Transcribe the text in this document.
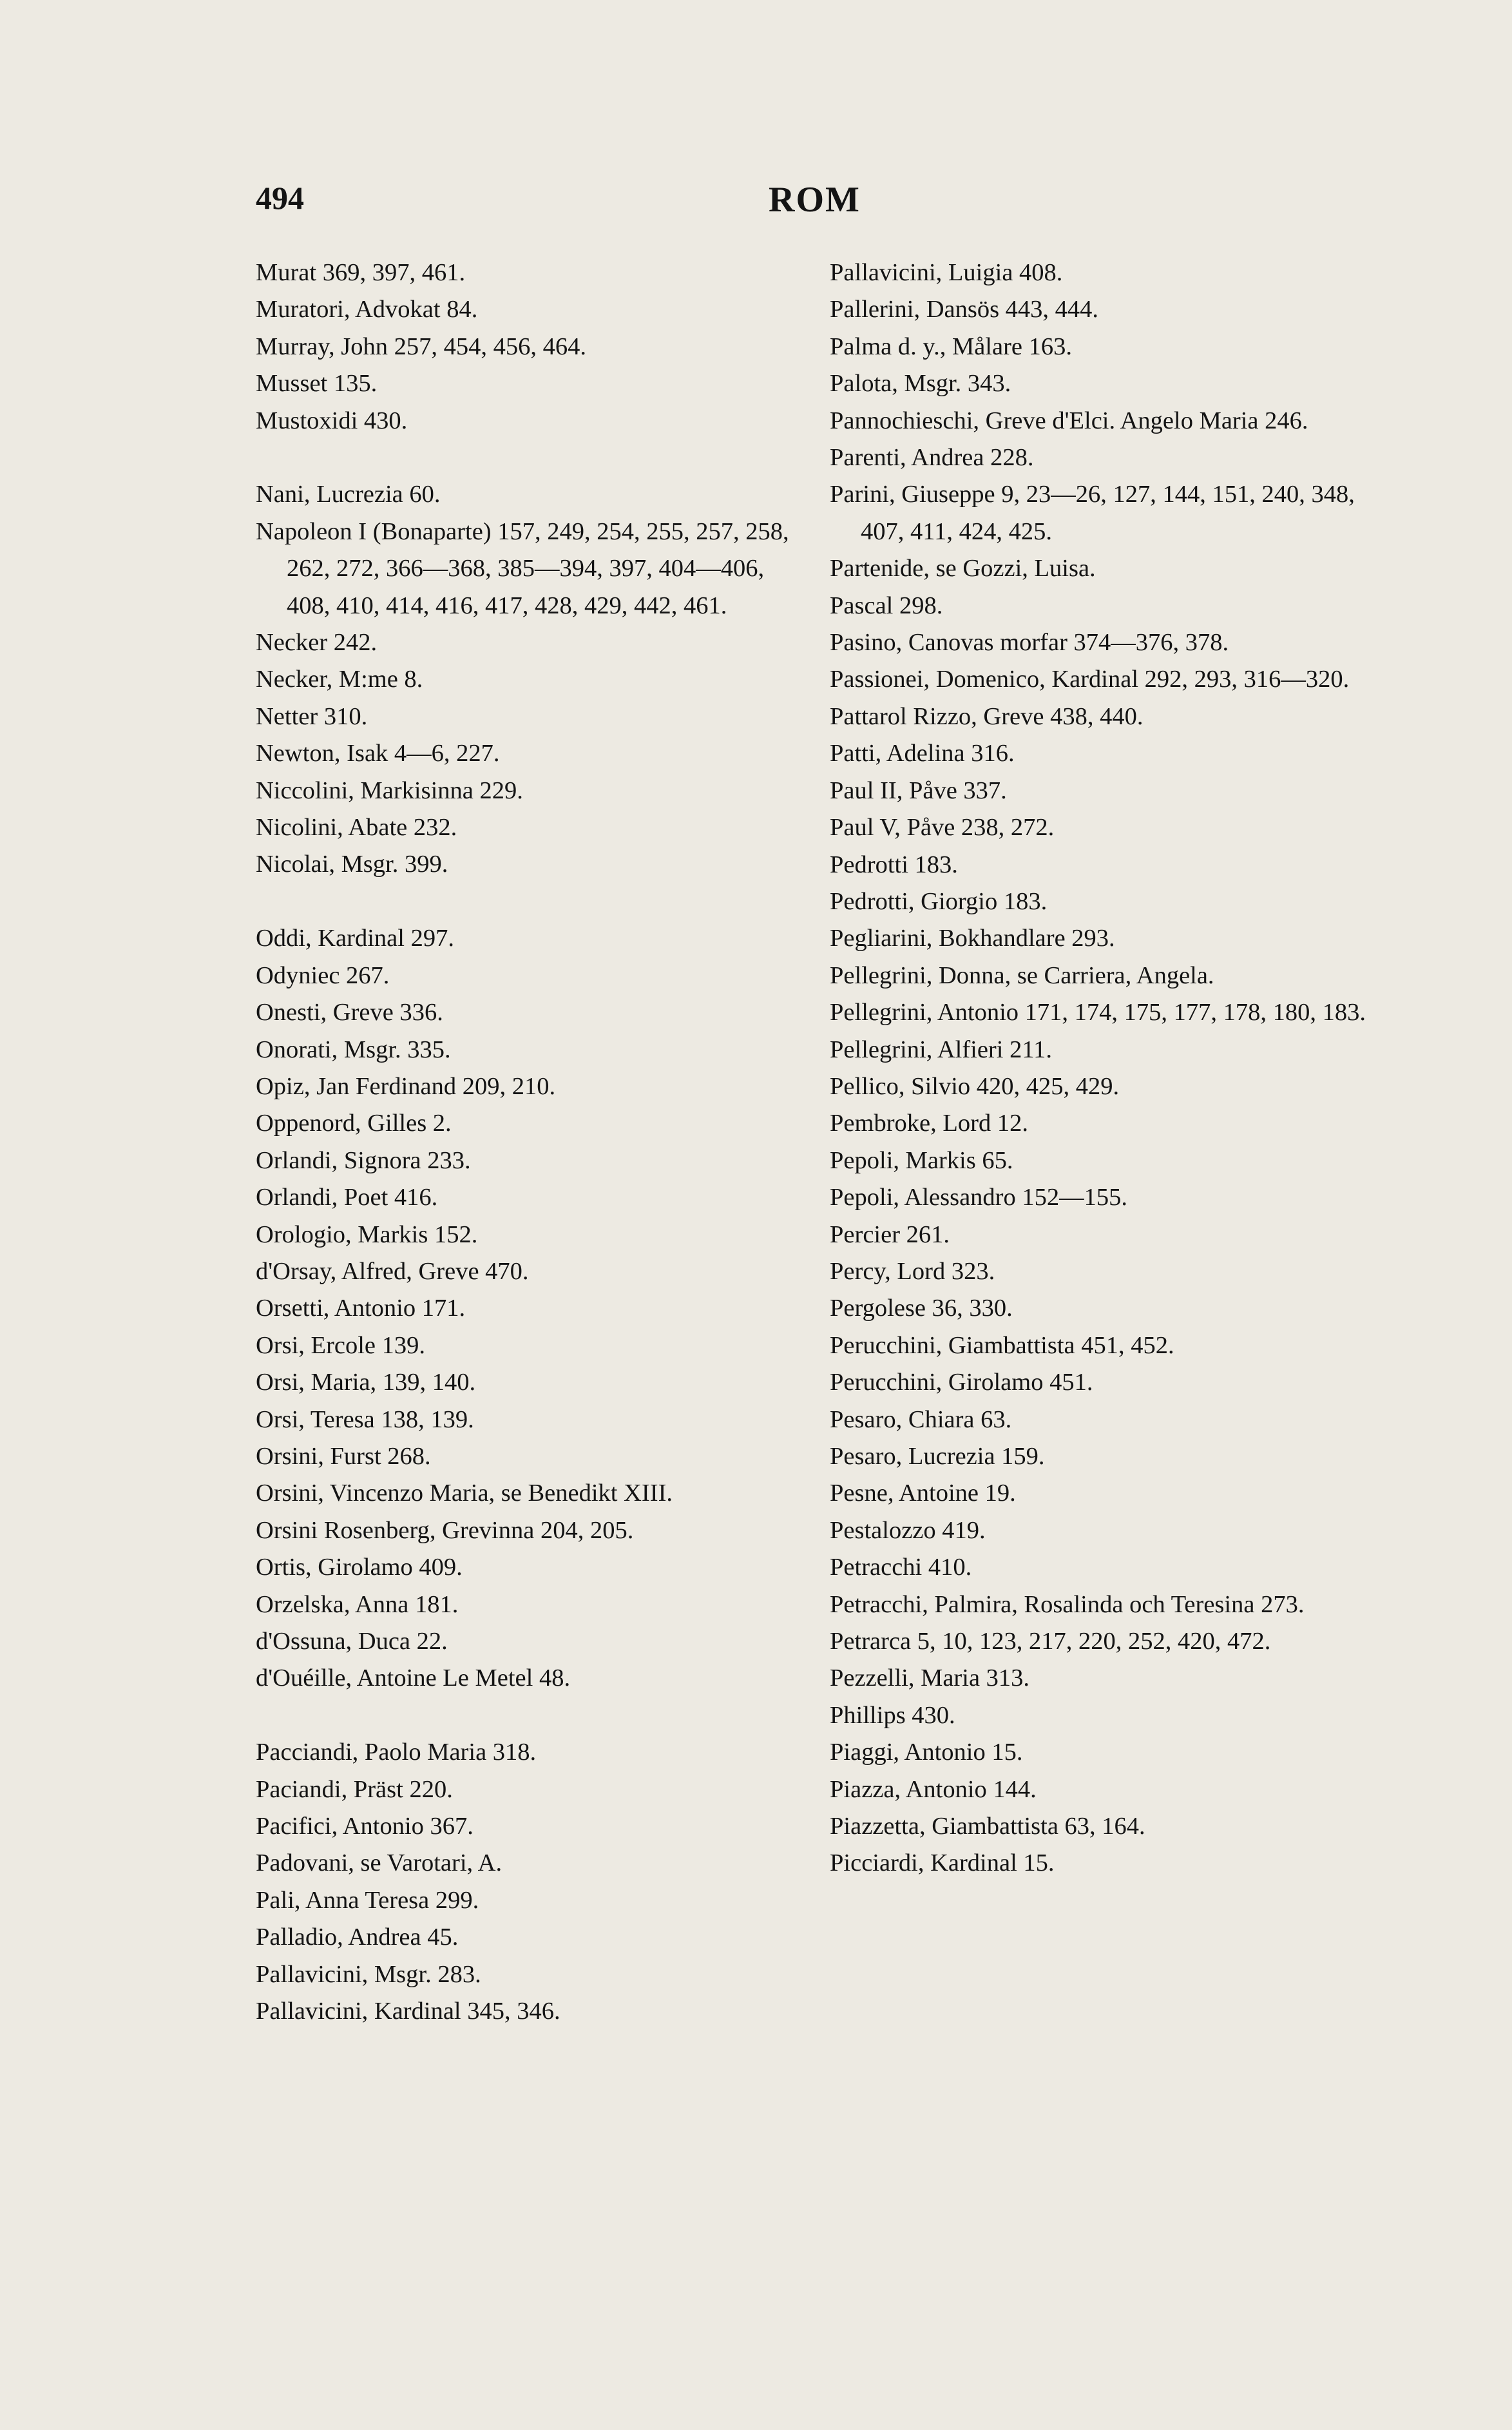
494	ROM
Murat 369, 397, 461.
Muratori, Advokat 84.
Murray, John 257, 454, 456, 464.
Musset 135.
Mustoxidi 430.
Nani, Lucrezia 60.
Napoleon I (Bonaparte) 157, 249, 254, 255, 257, 258, 262, 272, 366—368, 385—394, 397, 404—406, 408, 410, 414, 416, 417, 428, 429, 442, 461.
Necker 242.
Necker, M:me 8.
Netter 310.
Newton, Isak 4—6, 227.
Niccolini, Markisinna 229.
Nicolini, Abate 232.
Nicolai, Msgr. 399.
Oddi, Kardinal 297.
Odyniec 267.
Onesti, Greve 336.
Onorati, Msgr. 335.
Opiz, Jan Ferdinand 209, 210.
Oppenord, Gilles 2.
Orlandi, Signora 233.
Orlandi, Poet 416.
Orologio, Markis 152.
d'Orsay, Alfred, Greve 470.
Orsetti, Antonio 171.
Orsi, Ercole 139.
Orsi, Maria, 139, 140.
Orsi, Teresa 138, 139.
Orsini, Furst 268.
Orsini, Vincenzo Maria, se Benedikt XIII.
Orsini Rosenberg, Grevinna 204, 205.
Ortis, Girolamo 409.
Orzelska, Anna 181.
d'Ossuna, Duca 22.
d'Ouéille, Antoine Le Metel 48.
Pacciandi, Paolo Maria 318.
Paciandi, Präst 220.
Pacifici, Antonio 367.
Padovani, se Varotari, A.
Pali, Anna Teresa 299.
Palladio, Andrea 45.
Pallavicini, Msgr. 283.
Pallavicini, Kardinal 345, 346.
Pallavicini, Luigia 408.
Pallerini, Dansös 443, 444.
Palma d. y., Målare 163.
Palota, Msgr. 343.
Pannochieschi, Greve d'Elci. Angelo Maria 246.
Parenti, Andrea 228.
Parini, Giuseppe 9, 23—26, 127, 144, 151, 240, 348, 407, 411, 424, 425.
Partenide, se Gozzi, Luisa.
Pascal 298.
Pasino, Canovas morfar 374—376, 378.
Passionei, Domenico, Kardinal 292, 293, 316—320.
Pattarol Rizzo, Greve 438, 440.
Patti, Adelina 316.
Paul II, Påve 337.
Paul V, Påve 238, 272.
Pedrotti 183.
Pedrotti, Giorgio 183.
Pegliarini, Bokhandlare 293.
Pellegrini, Donna, se Carriera, Angela.
Pellegrini, Antonio 171, 174, 175, 177, 178, 180, 183.
Pellegrini, Alfieri 211.
Pellico, Silvio 420, 425, 429.
Pembroke, Lord 12.
Pepoli, Markis 65.
Pepoli, Alessandro 152—155.
Percier 261.
Percy, Lord 323.
Pergolese 36, 330.
Perucchini, Giambattista 451, 452.
Perucchini, Girolamo 451.
Pesaro, Chiara 63.
Pesaro, Lucrezia 159.
Pesne, Antoine 19.
Pestalozzo 419.
Petracchi 410.
Petracchi, Palmira, Rosalinda och Teresina 273.
Petrarca 5, 10, 123, 217, 220, 252, 420, 472.
Pezzelli, Maria 313.
Phillips 430.
Piaggi, Antonio 15.
Piazza, Antonio 144.
Piazzetta, Giambattista 63, 164.
Picciardi, Kardinal 15.
